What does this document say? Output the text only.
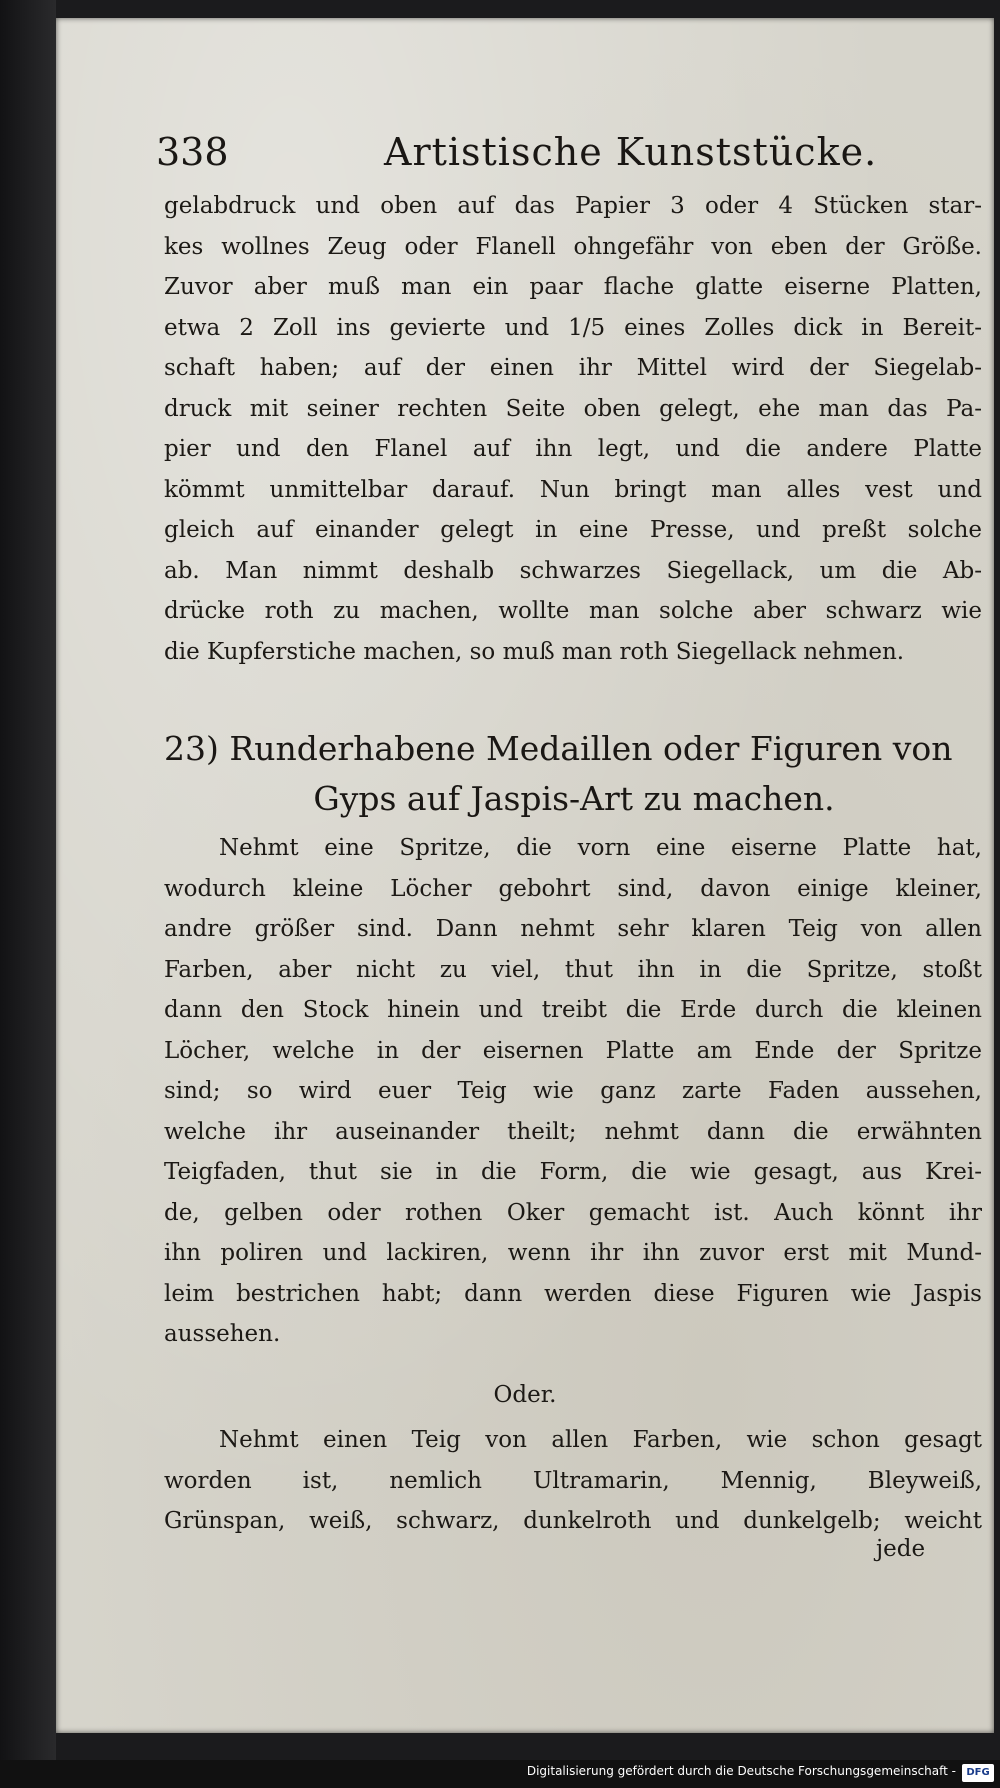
338	Artistische Kunststücke.
gelabdruck und oben auf das Papier 3 oder 4 Stücken star-
kes wollnes Zeug oder Flanell ohngefähr von eben der Größe.
Zuvor aber muß man ein paar flache glatte eiserne Platten,
etwa 2 Zoll ins gevierte und 1/5 eines Zolles dick in Bereit-
schaft haben; auf der einen ihr Mittel wird der Siegelab-
druck mit seiner rechten Seite oben gelegt, ehe man das Pa-
pier und den Flanel auf ihn legt, und die andere Platte
kömmt unmittelbar darauf. Nun bringt man alles vest und
gleich auf einander gelegt in eine Presse, und preßt solche
ab. Man nimmt deshalb schwarzes Siegellack, um die Ab-
drücke roth zu machen, wollte man solche aber schwarz wie
die Kupferstiche machen, so muß man roth Siegellack nehmen.
23) Runderhabene Medaillen oder Figuren von
Gyps auf Jaspis-Art zu machen.
Nehmt eine Spritze, die vorn eine eiserne Platte hat,
wodurch kleine Löcher gebohrt sind, davon einige kleiner,
andre größer sind. Dann nehmt sehr klaren Teig von allen
Farben, aber nicht zu viel, thut ihn in die Spritze, stoßt
dann den Stock hinein und treibt die Erde durch die kleinen
Löcher, welche in der eisernen Platte am Ende der Spritze
sind; so wird euer Teig wie ganz zarte Faden aussehen,
welche ihr auseinander theilt; nehmt dann die erwähnten
Teigfaden, thut sie in die Form, die wie gesagt, aus Krei-
de, gelben oder rothen Oker gemacht ist. Auch könnt ihr
ihn poliren und lackiren, wenn ihr ihn zuvor erst mit Mund-
leim bestrichen habt; dann werden diese Figuren wie Jaspis
aussehen.
Oder.
Nehmt einen Teig von allen Farben, wie schon gesagt
worden ist, nemlich Ultramarin, Mennig, Bleyweiß,
Grünspan, weiß, schwarz, dunkelroth und dunkelgelb; weicht
jede
Digitalisierung gefördert durch die Deutsche Forschungsgemeinschaft -	DFG
